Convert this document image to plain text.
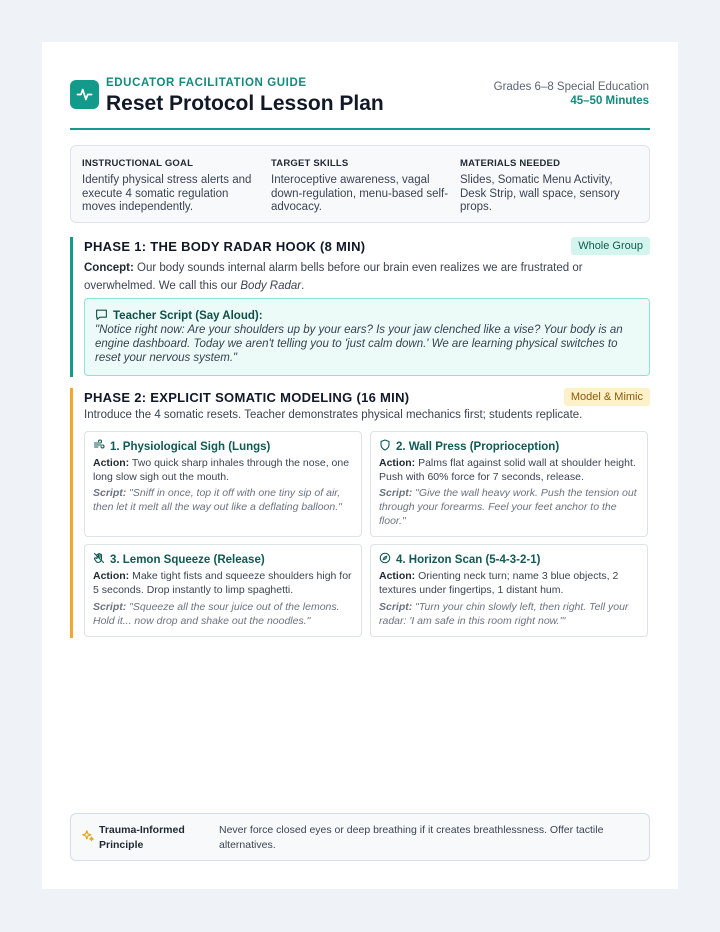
EDUCATOR FACILITATION GUIDE
Reset Protocol Lesson Plan
Grades 6–8 Special Education
45–50 Minutes
INSTRUCTIONAL GOAL
Identify physical stress alerts and execute 4 somatic regulation moves independently.
TARGET SKILLS
Interoceptive awareness, vagal down-regulation, menu-based self-advocacy.
MATERIALS NEEDED
Slides, Somatic Menu Activity, Desk Strip, wall space, sensory props.
PHASE 1: THE BODY RADAR HOOK (8 MIN)	Whole Group
Concept: Our body sounds internal alarm bells before our brain even realizes we are frustrated or overwhelmed. We call this our Body Radar.
Teacher Script (Say Aloud):
"Notice right now: Are your shoulders up by your ears? Is your jaw clenched like a vise? Your body is an engine dashboard. Today we aren't telling you to 'just calm down.' We are learning physical switches to reset your nervous system."
PHASE 2: EXPLICIT SOMATIC MODELING (16 MIN)	Model & Mimic
Introduce the 4 somatic resets. Teacher demonstrates physical mechanics first; students replicate.
1. Physiological Sigh (Lungs)
Action: Two quick sharp inhales through the nose, one long slow sigh out the mouth.
Script: "Sniff in once, top it off with one tiny sip of air, then let it melt all the way out like a deflating balloon."
2. Wall Press (Proprioception)
Action: Palms flat against solid wall at shoulder height. Push with 60% force for 7 seconds, release.
Script: "Give the wall heavy work. Push the tension out through your forearms. Feel your feet anchor to the floor."
3. Lemon Squeeze (Release)
Action: Make tight fists and squeeze shoulders high for 5 seconds. Drop instantly to limp spaghetti.
Script: "Squeeze all the sour juice out of the lemons. Hold it... now drop and shake out the noodles."
4. Horizon Scan (5-4-3-2-1)
Action: Orienting neck turn; name 3 blue objects, 2 textures under fingertips, 1 distant hum.
Script: "Turn your chin slowly left, then right. Tell your radar: 'I am safe in this room right now.'"
Trauma-Informed Principle
Never force closed eyes or deep breathing if it creates breathlessness. Offer tactile alternatives.
